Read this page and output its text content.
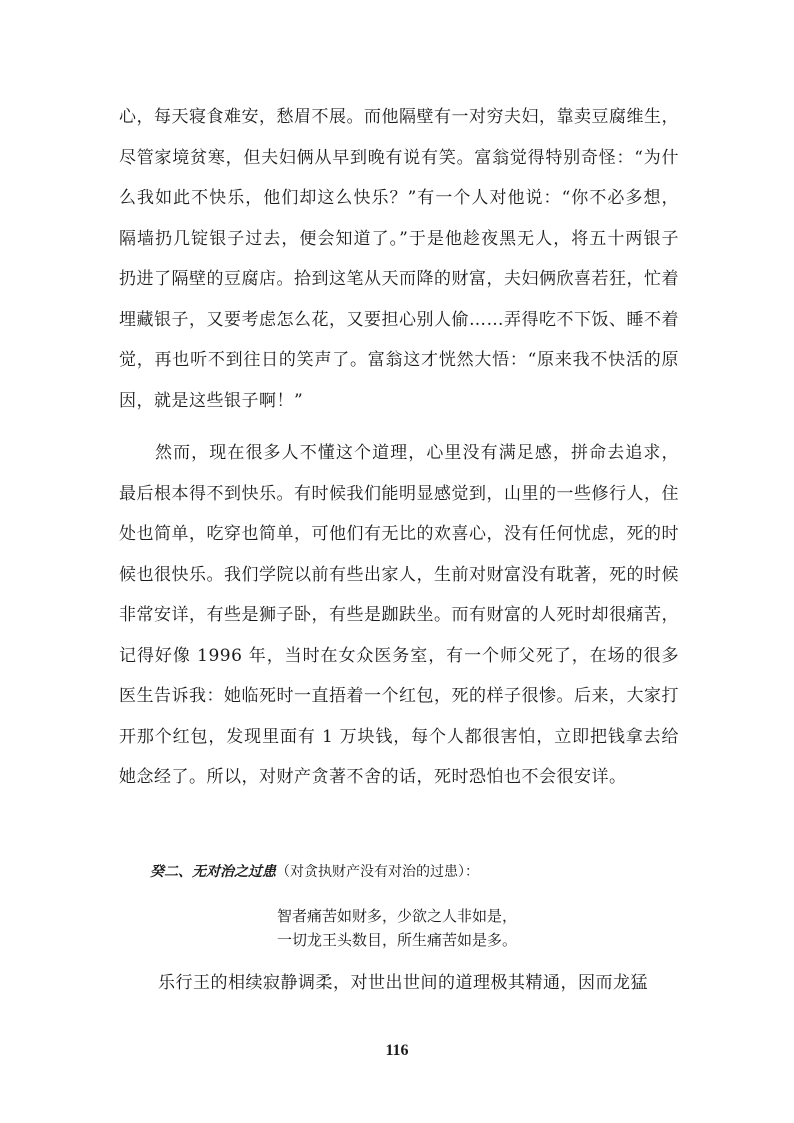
心，每天寝食难安，愁眉不展。而他隔壁有一对穷夫妇，靠卖豆腐维生，尽管家境贫寒，但夫妇俩从早到晚有说有笑。富翁觉得特别奇怪：“为什么我如此不快乐，他们却这么快乐？”有一个人对他说：“你不必多想，隔墙扔几锭银子过去，便会知道了。”于是他趁夜黑无人，将五十两银子扔进了隔壁的豆腐店。拾到这笔从天而降的财富，夫妇俩欣喜若狂，忙着埋藏银子，又要考虑怎么花，又要担心别人偷……弄得吃不下饭、睡不着觉，再也听不到往日的笑声了。富翁这才恍然大悟：“原来我不快活的原因，就是这些银子啊！”

然而，现在很多人不懂这个道理，心里没有满足感，拼命去追求，最后根本得不到快乐。有时候我们能明显感觉到，山里的一些修行人，住处也简单，吃穿也简单，可他们有无比的欢喜心，没有任何忧虑，死的时候也很快乐。我们学院以前有些出家人，生前对财富没有耽著，死的时候非常安详，有些是狮子卧，有些是跏趺坐。而有财富的人死时却很痛苦，记得好像 1996 年，当时在女众医务室，有一个师父死了，在场的很多医生告诉我：她临死时一直捂着一个红包，死的样子很惨。后来，大家打开那个红包，发现里面有 1 万块钱，每个人都很害怕，立即把钱拿去给她念经了。所以，对财产贪著不舍的话，死时恐怕也不会很安详。

癸二、无对治之过患（对贪执财产没有对治的过患）：

智者痛苦如财多，少欲之人非如是，
一切龙王头数目，所生痛苦如是多。

乐行王的相续寂静调柔，对世出世间的道理极其精通，因而龙猛

116
